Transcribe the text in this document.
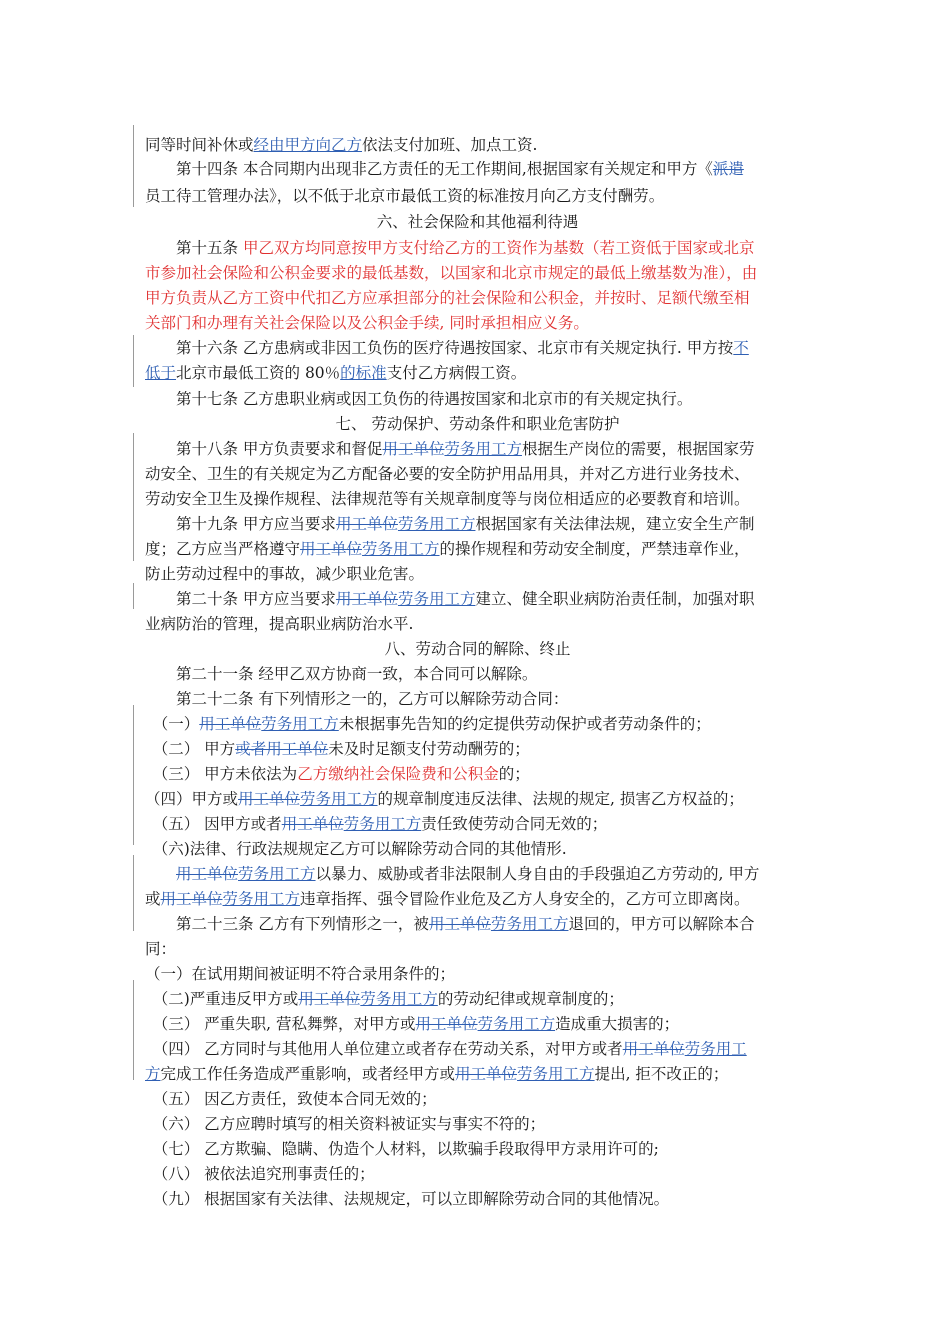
同等时间补休或经由甲方向乙方依法支付加班、加点工资.
　　第十四条 本合同期内出现非乙方责任的无工作期间,根据国家有关规定和甲方《派遣
员工待工管理办法》，以不低于北京市最低工资的标准按月向乙方支付酬劳。
六、社会保险和其他福利待遇
　　第十五条 甲乙双方均同意按甲方支付给乙方的工资作为基数（若工资低于国家或北京
市参加社会保险和公积金要求的最低基数，以国家和北京市规定的最低上缴基数为准），由
甲方负责从乙方工资中代扣乙方应承担部分的社会保险和公积金，并按时、足额代缴至相
关部门和办理有关社会保险以及公积金手续, 同时承担相应义务。
　　第十六条 乙方患病或非因工负伤的医疗待遇按国家、北京市有关规定执行. 甲方按不
低于北京市最低工资的 80％的标准支付乙方病假工资。
　　第十七条 乙方患职业病或因工负伤的待遇按国家和北京市的有关规定执行。
七、 劳动保护、劳动条件和职业危害防护
　　第十八条 甲方负责要求和督促用工单位劳务用工方根据生产岗位的需要，根据国家劳
动安全、卫生的有关规定为乙方配备必要的安全防护用品用具，并对乙方进行业务技术、
劳动安全卫生及操作规程、法律规范等有关规章制度等与岗位相适应的必要教育和培训。
　　第十九条 甲方应当要求用工单位劳务用工方根据国家有关法律法规，建立安全生产制
度；乙方应当严格遵守用工单位劳务用工方的操作规程和劳动安全制度，严禁违章作业，
防止劳动过程中的事故，减少职业危害。
　　第二十条 甲方应当要求用工单位劳务用工方建立、健全职业病防治责任制，加强对职
业病防治的管理，提高职业病防治水平.
八、劳动合同的解除、终止
　　第二十一条 经甲乙双方协商一致，本合同可以解除。
　　第二十二条 有下列情形之一的，乙方可以解除劳动合同：
　（一）用工单位劳务用工方未根据事先告知的约定提供劳动保护或者劳动条件的；
　（二） 甲方或者用工单位未及时足额支付劳动酬劳的；
　（三） 甲方未依法为乙方缴纳社会保险费和公积金的；
（四）甲方或用工单位劳务用工方的规章制度违反法律、法规的规定, 损害乙方权益的；
　（五） 因甲方或者用工单位劳务用工方责任致使劳动合同无效的；
　（六)法律、行政法规规定乙方可以解除劳动合同的其他情形.
　　用工单位劳务用工方以暴力、威胁或者非法限制人身自由的手段强迫乙方劳动的, 甲方
或用工单位劳务用工方违章指挥、强令冒险作业危及乙方人身安全的，乙方可立即离岗。
　　第二十三条 乙方有下列情形之一，被用工单位劳务用工方退回的，甲方可以解除本合
同：
（一）在试用期间被证明不符合录用条件的；
　（二)严重违反甲方或用工单位劳务用工方的劳动纪律或规章制度的；
　（三） 严重失职, 营私舞弊，对甲方或用工单位劳务用工方造成重大损害的；
　（四） 乙方同时与其他用人单位建立或者存在劳动关系，对甲方或者用工单位劳务用工
方完成工作任务造成严重影响，或者经甲方或用工单位劳务用工方提出, 拒不改正的；
　（五） 因乙方责任，致使本合同无效的；
　（六） 乙方应聘时填写的相关资料被证实与事实不符的；
　（七） 乙方欺骗、隐瞒、伪造个人材料，以欺骗手段取得甲方录用许可的;
　（八） 被依法追究刑事责任的；
　（九） 根据国家有关法律、法规规定，可以立即解除劳动合同的其他情况。
